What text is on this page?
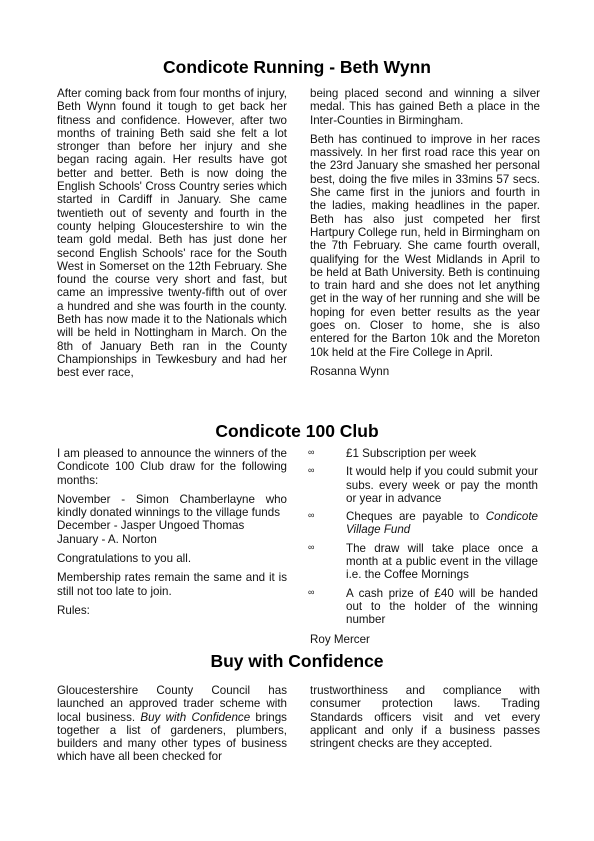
Condicote Running - Beth Wynn

After coming back from four months of injury, Beth Wynn found it tough to get back her fitness and confidence. However, after two months of training Beth said she felt a lot stronger than before her injury and she began racing again. Her results have got better and better. Beth is now doing the English Schools' Cross Country series which started in Cardiff in January. She came twentieth out of seventy and fourth in the county helping Gloucestershire to win the team gold medal. Beth has just done her second English Schools' race for the South West in Somerset on the 12th February. She found the course very short and fast, but came an impressive twenty-fifth out of over a hundred and she was fourth in the county. Beth has now made it to the Nationals which will be held in Nottingham in March. On the 8th of January Beth ran in the County Championships in Tewkesbury and had her best ever race,

being placed second and winning a silver medal. This has gained Beth a place in the Inter-Counties in Birmingham.

Beth has continued to improve in her races massively. In her first road race this year on the 23rd January she smashed her personal best, doing the five miles in 33mins 57 secs. She came first in the juniors and fourth in the ladies, making headlines in the paper. Beth has also just competed her first Hartpury College run, held in Birmingham on the 7th February. She came fourth overall, qualifying for the West Midlands in April to be held at Bath University. Beth is continuing to train hard and she does not let anything get in the way of her running and she will be hoping for even better results as the year goes on. Closer to home, she is also entered for the Barton 10k and the Moreton 10k held at the Fire College in April.

Rosanna Wynn

Condicote 100 Club

I am pleased to announce the winners of the Condicote 100 Club draw for the following months:

November - Simon Chamberlayne who kindly donated winnings to the village funds

December - Jasper Ungoed Thomas

January - A. Norton

Congratulations to you all.

Membership rates remain the same and it is still not too late to join.

Rules:

∞	£1 Subscription per week
∞	It would help if you could submit your subs. every week or pay the month or year in advance
∞	Cheques are payable to Condicote Village Fund
∞	The draw will take place once a month at a public event in the village i.e. the Coffee Mornings
∞	A cash prize of £40 will be handed out to the holder of the winning number

Roy Mercer

Buy with Confidence

Gloucestershire County Council has launched an approved trader scheme with local business. Buy with Confidence brings together a list of gardeners, plumbers, builders and many other types of business which have all been checked for

trustworthiness and compliance with consumer protection laws. Trading Standards officers visit and vet every applicant and only if a business passes stringent checks are they accepted.
